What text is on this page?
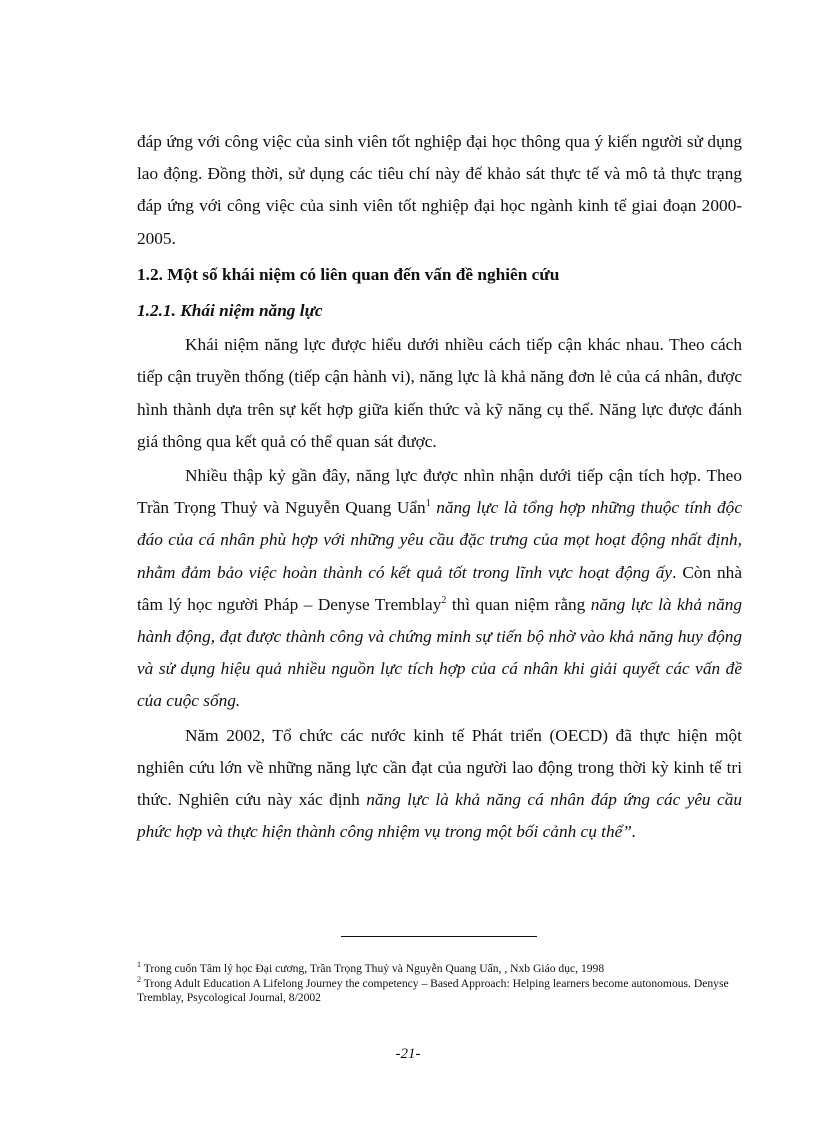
đáp ứng với công việc của sinh viên tốt nghiệp đại học thông qua ý kiến người sử dụng lao động. Đồng thời, sử dụng các tiêu chí này để khảo sát thực tế và mô tả thực trạng đáp ứng với công việc của sinh viên tốt nghiệp đại học ngành kinh tế giai đoạn 2000-2005.

1.2. Một số khái niệm có liên quan đến vấn đề nghiên cứu
1.2.1. Khái niệm năng lực

Khái niệm năng lực được hiểu dưới nhiều cách tiếp cận khác nhau. Theo cách tiếp cận truyền thống (tiếp cận hành vi), năng lực là khả năng đơn lẻ của cá nhân, được hình thành dựa trên sự kết hợp giữa kiến thức và kỹ năng cụ thể. Năng lực được đánh giá thông qua kết quả có thể quan sát được.

Nhiều thập kỷ gần đây, năng lực được nhìn nhận dưới tiếp cận tích hợp. Theo Trần Trọng Thuỷ và Nguyễn Quang Uẩn$^1$ năng lực là tổng hợp những thuộc tính độc đáo của cá nhân phù hợp với những yêu cầu đặc trưng của mọt hoạt động nhất định, nhằm đảm bảo việc hoàn thành có kết quả tốt trong lĩnh vực hoạt động ấy. Còn nhà tâm lý học người Pháp – Denyse Tremblay$^2$ thì quan niệm rằng năng lực là khả năng hành động, đạt được thành công và chứng minh sự tiến bộ nhờ vào khả năng huy động và sử dụng hiệu quả nhiều nguồn lực tích hợp của cá nhân khi giải quyết các vấn đề của cuộc sống.

Năm 2002, Tổ chức các nước kinh tế Phát triển (OECD) đã thực hiện một nghiên cứu lớn về những năng lực cần đạt của người lao động trong thời kỳ kinh tế tri thức. Nghiên cứu này xác định năng lực là khả năng cá nhân đáp ứng các yêu cầu phức hợp và thực hiện thành công nhiệm vụ trong một bối cảnh cụ thể”.

$^1$ Trong cuốn Tâm lý học Đại cương, Trần Trọng Thuỷ và Nguyễn Quang Uẩn, , Nxb Giáo dục, 1998
$^2$ Trong Adult Education A Lifelong Journey the competency – Based Approach: Helping learners become autonomous. Denyse Tremblay, Psycological Journal, 8/2002
-21-
